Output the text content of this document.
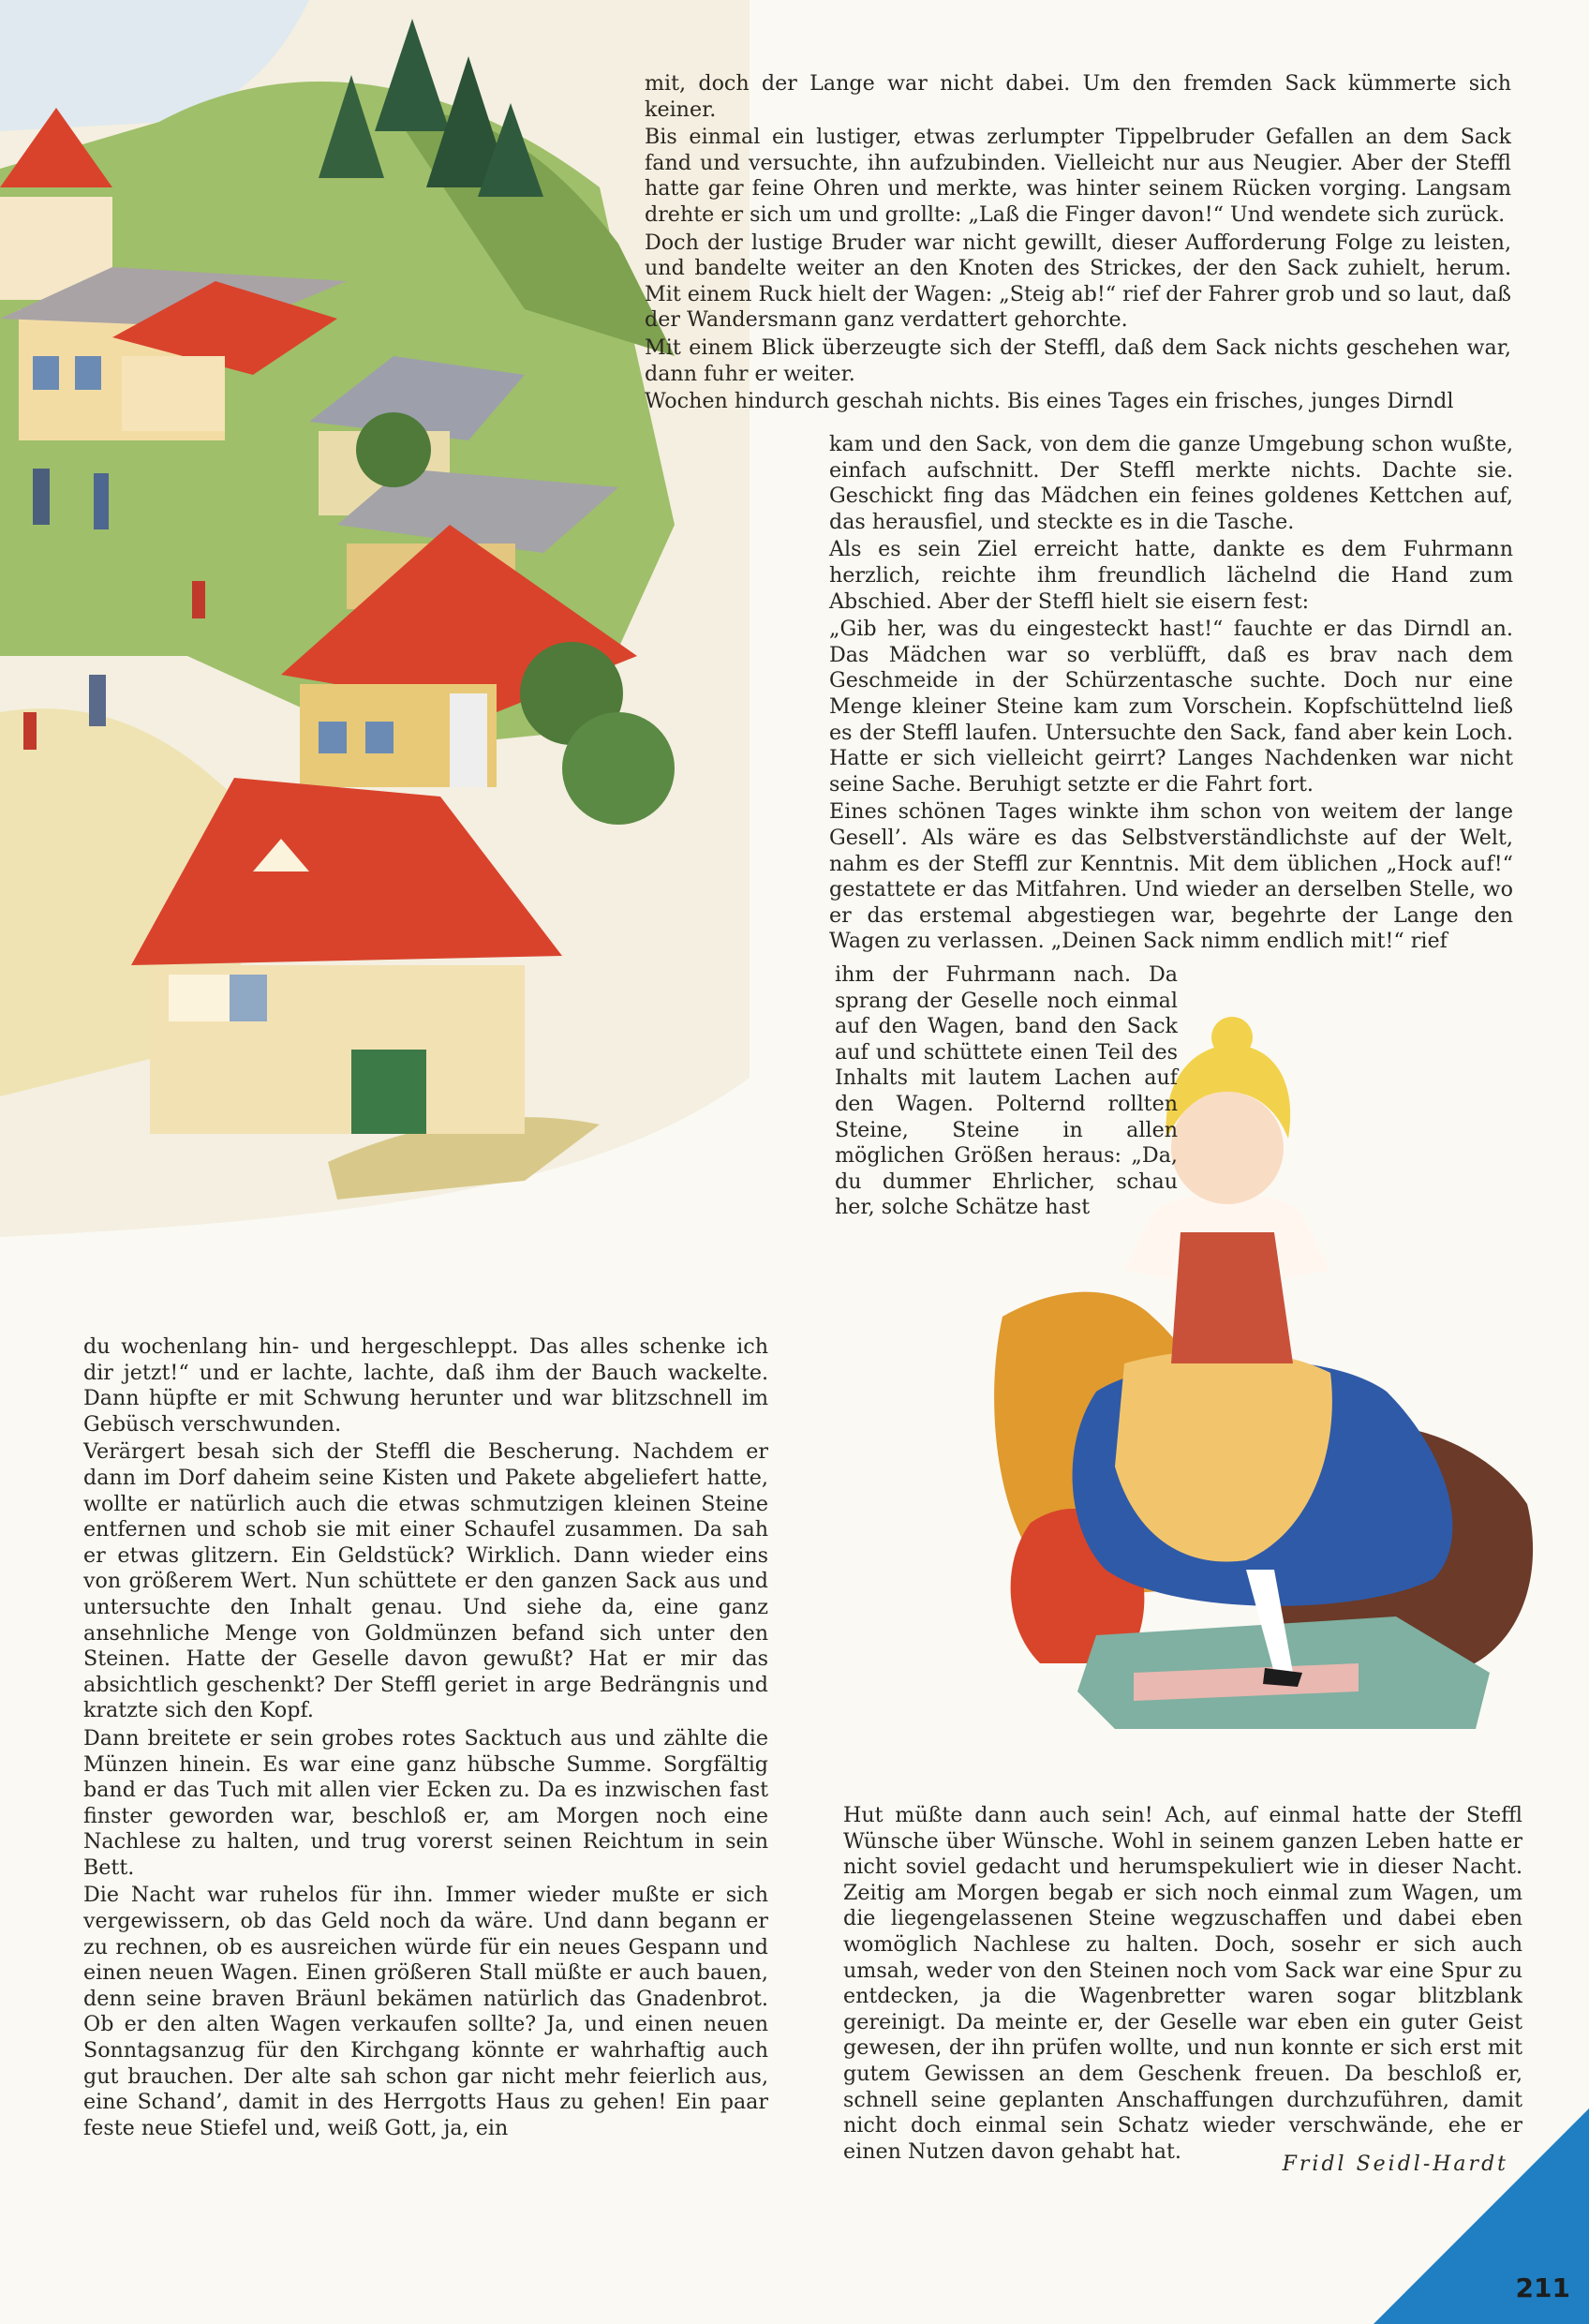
mit, doch der Lange war nicht dabei. Um den fremden Sack kümmerte sich keiner.

Bis einmal ein lustiger, etwas zerlumpter Tippelbruder Gefallen an dem Sack fand und versuchte, ihn aufzubinden. Vielleicht nur aus Neugier. Aber der Steffl hatte gar feine Ohren und merkte, was hinter seinem Rücken vorging. Langsam drehte er sich um und grollte: „Laß die Finger davon!“ Und wendete sich zurück.

Doch der lustige Bruder war nicht gewillt, dieser Aufforderung Folge zu leisten, und bandelte weiter an den Knoten des Strickes, der den Sack zuhielt, herum. Mit einem Ruck hielt der Wagen: „Steig ab!“ rief der Fahrer grob und so laut, daß der Wandersmann ganz verdattert gehorchte.

Mit einem Blick überzeugte sich der Steffl, daß dem Sack nichts geschehen war, dann fuhr er weiter.

Wochen hindurch geschah nichts. Bis eines Tages ein frisches, junges Dirndl

kam und den Sack, von dem die ganze Umgebung schon wußte, einfach aufschnitt. Der Steffl merkte nichts. Dachte sie. Geschickt fing das Mädchen ein feines goldenes Kettchen auf, das herausfiel, und steckte es in die Tasche.

Als es sein Ziel erreicht hatte, dankte es dem Fuhrmann herzlich, reichte ihm freundlich lächelnd die Hand zum Abschied. Aber der Steffl hielt sie eisern fest:

„Gib her, was du eingesteckt hast!“ fauchte er das Dirndl an. Das Mädchen war so verblüfft, daß es brav nach dem Geschmeide in der Schürzentasche suchte. Doch nur eine Menge kleiner Steine kam zum Vorschein. Kopfschüttelnd ließ es der Steffl laufen. Untersuchte den Sack, fand aber kein Loch. Hatte er sich vielleicht geirrt? Langes Nachdenken war nicht seine Sache. Beruhigt setzte er die Fahrt fort.

Eines schönen Tages winkte ihm schon von weitem der lange Gesell’. Als wäre es das Selbstverständlichste auf der Welt, nahm es der Steffl zur Kenntnis. Mit dem üblichen „Hock auf!“ gestattete er das Mitfahren. Und wieder an derselben Stelle, wo er das erstemal abgestiegen war, begehrte der Lange den Wagen zu verlassen. „Deinen Sack nimm endlich mit!“ rief

ihm der Fuhrmann nach. Da sprang der Geselle noch einmal auf den Wagen, band den Sack auf und schüttete einen Teil des Inhalts mit lautem Lachen auf den Wagen. Polternd rollten Steine, Steine in allen möglichen Größen heraus: „Da, du dummer Ehrlicher, schau her, solche Schätze hast

du wochenlang hin- und hergeschleppt. Das alles schenke ich dir jetzt!“ und er lachte, lachte, daß ihm der Bauch wackelte. Dann hüpfte er mit Schwung herunter und war blitzschnell im Gebüsch verschwunden.

Verärgert besah sich der Steffl die Bescherung. Nachdem er dann im Dorf daheim seine Kisten und Pakete abgeliefert hatte, wollte er natürlich auch die etwas schmutzigen kleinen Steine entfernen und schob sie mit einer Schaufel zusammen. Da sah er etwas glitzern. Ein Geldstück? Wirklich. Dann wieder eins von größerem Wert. Nun schüttete er den ganzen Sack aus und untersuchte den Inhalt genau. Und siehe da, eine ganz ansehnliche Menge von Goldmünzen befand sich unter den Steinen. Hatte der Geselle davon gewußt? Hat er mir das absichtlich geschenkt? Der Steffl geriet in arge Bedrängnis und kratzte sich den Kopf.

Dann breitete er sein grobes rotes Sacktuch aus und zählte die Münzen hinein. Es war eine ganz hübsche Summe. Sorgfältig band er das Tuch mit allen vier Ecken zu. Da es inzwischen fast finster geworden war, beschloß er, am Morgen noch eine Nachlese zu halten, und trug vorerst seinen Reichtum in sein Bett.

Die Nacht war ruhelos für ihn. Immer wieder mußte er sich vergewissern, ob das Geld noch da wäre. Und dann begann er zu rechnen, ob es ausreichen würde für ein neues Gespann und einen neuen Wagen. Einen größeren Stall müßte er auch bauen, denn seine braven Bräunl bekämen natürlich das Gnadenbrot. Ob er den alten Wagen verkaufen sollte? Ja, und einen neuen Sonntagsanzug für den Kirchgang könnte er wahrhaftig auch gut brauchen. Der alte sah schon gar nicht mehr feierlich aus, eine Schand’, damit in des Herrgotts Haus zu gehen! Ein paar feste neue Stiefel und, weiß Gott, ja, ein

Hut müßte dann auch sein! Ach, auf einmal hatte der Steffl Wünsche über Wünsche. Wohl in seinem ganzen Leben hatte er nicht soviel gedacht und herumspekuliert wie in dieser Nacht. Zeitig am Morgen begab er sich noch einmal zum Wagen, um die liegengelassenen Steine wegzuschaffen und dabei eben womöglich Nachlese zu halten. Doch, sosehr er sich auch umsah, weder von den Steinen noch vom Sack war eine Spur zu entdecken, ja die Wagenbretter waren sogar blitzblank gereinigt. Da meinte er, der Geselle war eben ein guter Geist gewesen, der ihn prüfen wollte, und nun konnte er sich erst mit gutem Gewissen an dem Geschenk freuen. Da beschloß er, schnell seine geplanten Anschaffungen durchzuführen, damit nicht doch einmal sein Schatz wieder verschwände, ehe er einen Nutzen davon gehabt hat.

Fridl Seidl-Hardt
211
